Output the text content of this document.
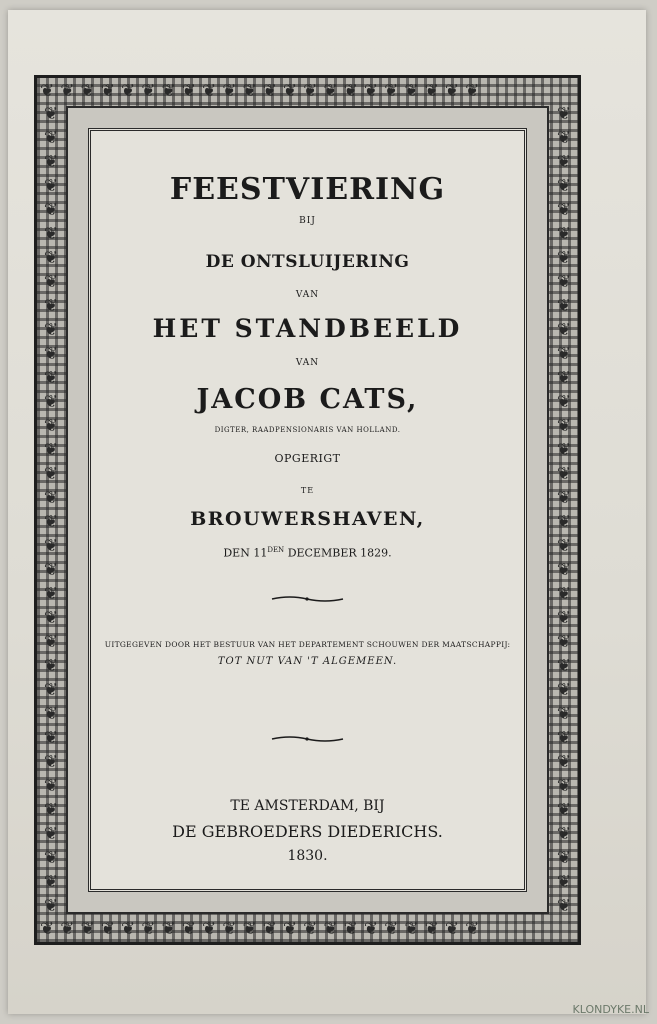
❦❦❦❦❦❦❦❦❦❦❦❦❦❦❦❦❦❦❦❦❦❦
❦❦❦❦❦❦❦❦❦❦❦❦❦❦❦❦❦❦❦❦❦❦
❦
❦
❦
❦
❦
❦
❦
❦
❦
❦
❦
❦
❦
❦
❦
❦
❦
❦
❦
❦
❦
❦
❦
❦
❦
❦
❦
❦
❦
❦
❦
❦
❦
❦
❦
❦
❦
❦
❦
❦
❦
❦
❦
❦
❦
❦
❦
❦
❦
❦
❦
❦
❦
❦
❦
❦
❦
❦
❦
❦
❦
❦
❦
❦
❦
❦
❦
❦
FEESTVIERING
BIJ
DE ONTSLUIJERING
VAN
HET STANDBEELD
VAN
JACOB CATS,
DIGTER, RAADPENSIONARIS VAN HOLLAND.
OPGERIGT
TE
BROUWERSHAVEN,
DEN $11^{DEN}$ DECEMBER 1829.
UITGEGEVEN DOOR HET BESTUUR VAN HET DEPARTEMENT SCHOUWEN DER MAATSCHAPPIJ:
TOT NUT VAN 'T ALGEMEEN.
TE AMSTERDAM, BIJ
DE GEBROEDERS DIEDERICHS.
1830.
KLONDYKE.NL
